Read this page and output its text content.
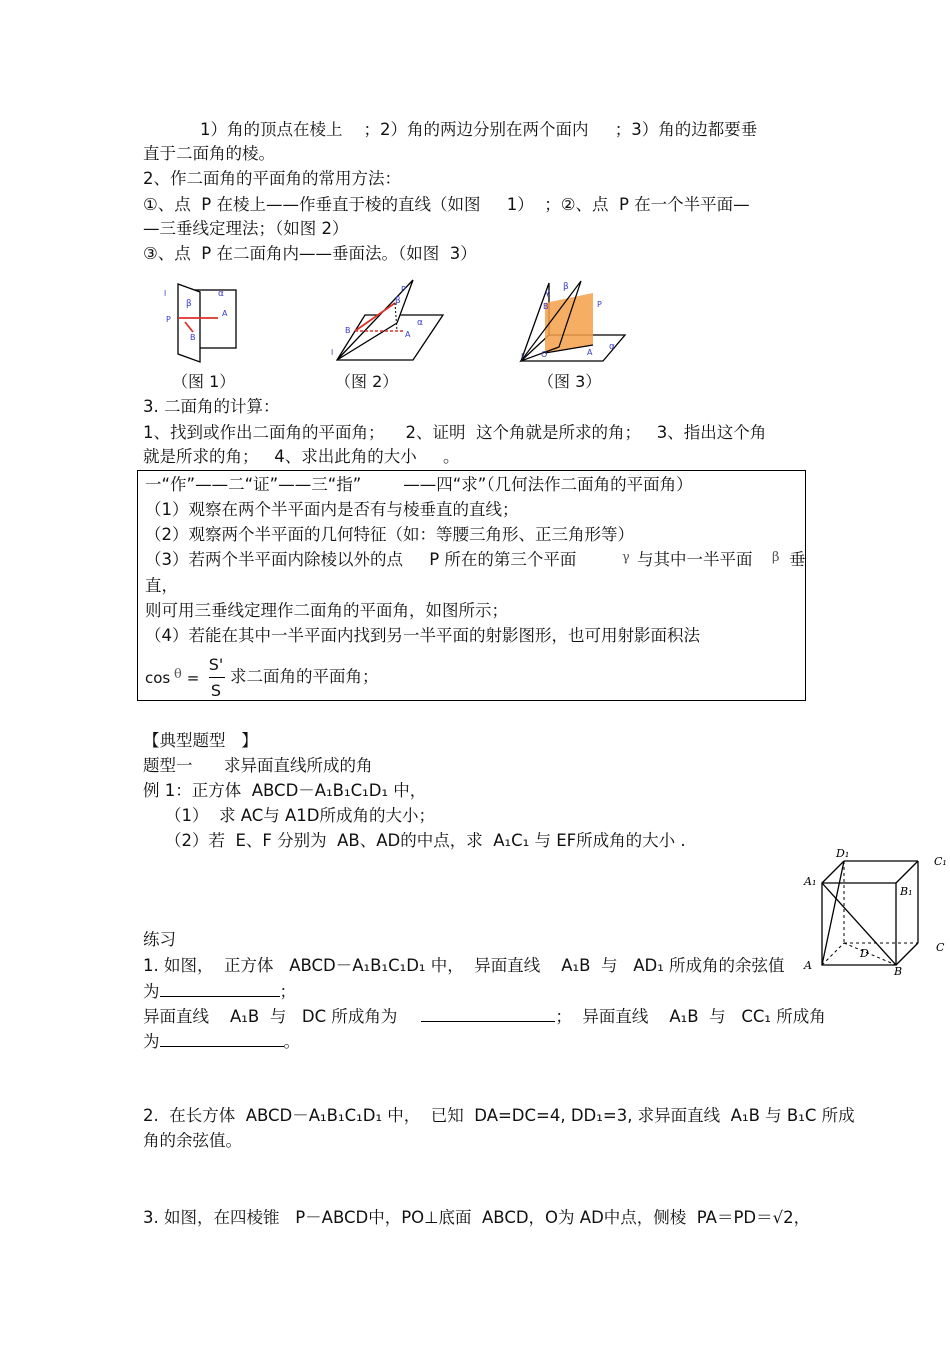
1）角的顶点在棱上    ；2）角的两边分别在两个面内     ；3）角的边都要垂
直于二面角的棱。
2、作二面角的平面角的常用方法：
①、点  P 在棱上——作垂直于棱的直线（如图     1）  ；②、点  P 在一个半平面—
—三垂线定理法；（如图 2）
③、点  P 在二面角内——垂面法。（如图  3）
l	α
β
P
A
B
P
β
α
B	A
l
γ
β
P
B
O	A
α
l
（图 1）	（图 2）	（图 3）
3. 二面角的计算：
1、找到或作出二面角的平面角；    2、证明  这个角就是所求的角；   3、指出这个角
就是所求的角；   4、求出此角的大小     。
一“作”——二“证”——三“指”        ——四“求”（几何法作二面角的平面角）
（1）观察在两个半平面内是否有与棱垂直的直线；
（2）观察两个半平面的几何特征（如：等腰三角形、正三角形等）
（3）若两个半平面内除棱以外的点     P 所在的第三个平面	γ 与其中一半平面 β 垂
直，
则可用三垂线定理作二面角的平面角，如图所示；
（4）若能在其中一半平面内找到另一半平面的射影图形，也可用射影面积法
cos θ =
S'
S
求二面角的平面角；
【典型题型   】
题型一      求异面直线所成的角
例 1：正方体  ABCD－A₁B₁C₁D₁ 中，
（1）  求 AC与 A1D所成角的大小；
（2）若  E、F 分别为  AB、AD的中点，求  A₁C₁ 与 EF所成角的大小 .
D₁
C₁
A₁
B₁
D	C
A	B
练习
1. 如图，  正方体   ABCD－A₁B₁C₁D₁ 中，  异面直线    A₁B  与   AD₁ 所成角的余弦值
为	；
异面直线    A₁B  与   DC 所成角为	；  异面直线    A₁B  与   CC₁ 所成角
为	。
2.  在长方体  ABCD－A₁B₁C₁D₁ 中，  已知  DA=DC=4, DD₁=3, 求异面直线  A₁B 与 B₁C 所成
角的余弦值。
3. 如图，在四棱锥   P－ABCD中，PO⊥底面  ABCD，O为 AD中点，侧棱  PA＝PD＝√2，
